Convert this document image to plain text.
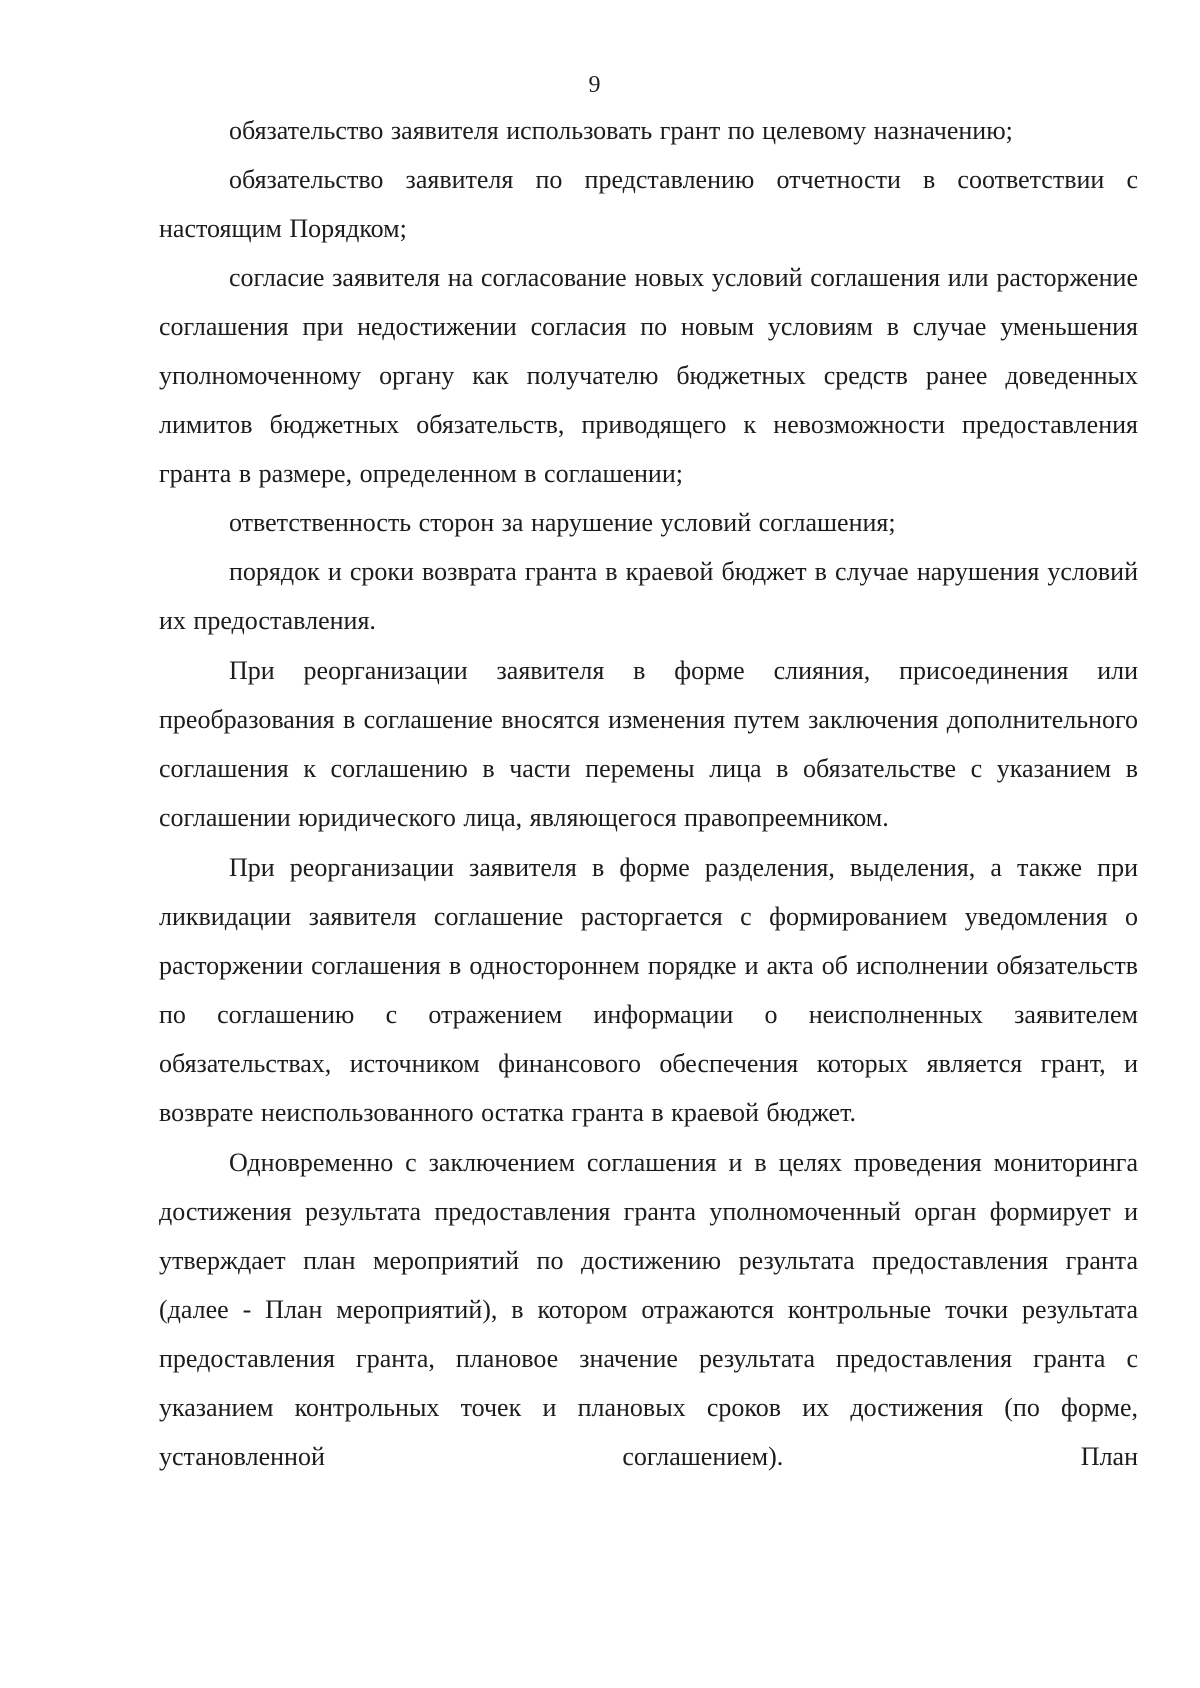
9

обязательство заявителя использовать грант по целевому назначению;

обязательство заявителя по представлению отчетности в соответствии с настоящим Порядком;

согласие заявителя на согласование новых условий соглашения или расторжение соглашения при недостижении согласия по новым условиям в случае уменьшения уполномоченному органу как получателю бюджетных средств ранее доведенных лимитов бюджетных обязательств, приводящего к невозможности предоставления гранта в размере, определенном в соглашении;

ответственность сторон за нарушение условий соглашения;

порядок и сроки возврата гранта в краевой бюджет в случае нарушения условий их предоставления.

При реорганизации заявителя в форме слияния, присоединения или преобразования в соглашение вносятся изменения путем заключения дополнительного соглашения к соглашению в части перемены лица в обязательстве с указанием в соглашении юридического лица, являющегося правопреемником.

При реорганизации заявителя в форме разделения, выделения, а также при ликвидации заявителя соглашение расторгается с формированием уведомления о расторжении соглашения в одностороннем порядке и акта об исполнении обязательств по соглашению с отражением информации о неисполненных заявителем обязательствах, источником финансового обеспечения которых является грант, и возврате неиспользованного остатка гранта в краевой бюджет.

Одновременно с заключением соглашения и в целях проведения мониторинга достижения результата предоставления гранта уполномоченный орган формирует и утверждает план мероприятий по достижению результата предоставления гранта (далее - План мероприятий), в котором отражаются контрольные точки результата предоставления гранта, плановое значение результата предоставления гранта с указанием контрольных точек и плановых сроков их достижения (по форме, установленной соглашением). План
